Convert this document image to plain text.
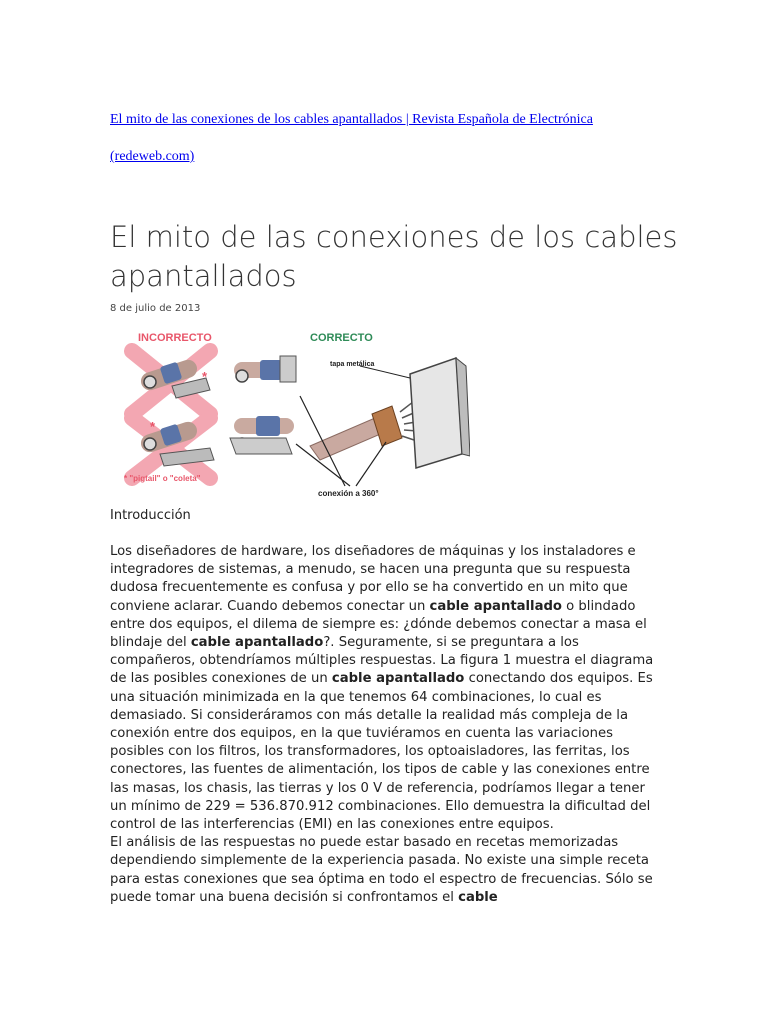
El mito de las conexiones de los cables apantallados | Revista Española de Electrónica
(redeweb.com)
El mito de las conexiones de los cables apantallados
8 de julio de 2013
*
*
INCORRECTO	CORRECTO
tapa metálica
* "pigtail" o "coleta"
conexión a 360°
Introducción

Los diseñadores de hardware, los diseñadores de máquinas y los instaladores e integradores de sistemas, a menudo, se hacen una pregunta que su respuesta dudosa frecuentemente es confusa y por ello se ha convertido en un mito que conviene aclarar. Cuando debemos conectar un cable apantallado o blindado entre dos equipos, el dilema de siempre es: ¿dónde debemos conectar a masa el blindaje del cable apantallado?. Seguramente, si se preguntara a los compañeros, obtendríamos múltiples respuestas. La figura 1 muestra el diagrama de las posibles conexiones de un cable apantallado conectando dos equipos. Es una situación minimizada en la que tenemos 64 combinaciones, lo cual es demasiado. Si consideráramos con más detalle la realidad más compleja de la conexión entre dos equipos, en la que tuviéramos en cuenta las variaciones posibles con los filtros, los transformadores, los optoaisladores, las ferritas, los conectores, las fuentes de alimentación, los tipos de cable y las conexiones entre las masas, los chasis, las tierras y los 0 V de referencia, podríamos llegar a tener un mínimo de 229 = 536.870.912 combinaciones. Ello demuestra la dificultad del control de las interferencias (EMI) en las conexiones entre equipos.
El análisis de las respuestas no puede estar basado en recetas memorizadas dependiendo simplemente de la experiencia pasada. No existe una simple receta para estas conexiones que sea óptima en todo el espectro de frecuencias. Sólo se puede tomar una buena decisión si confrontamos el cable
